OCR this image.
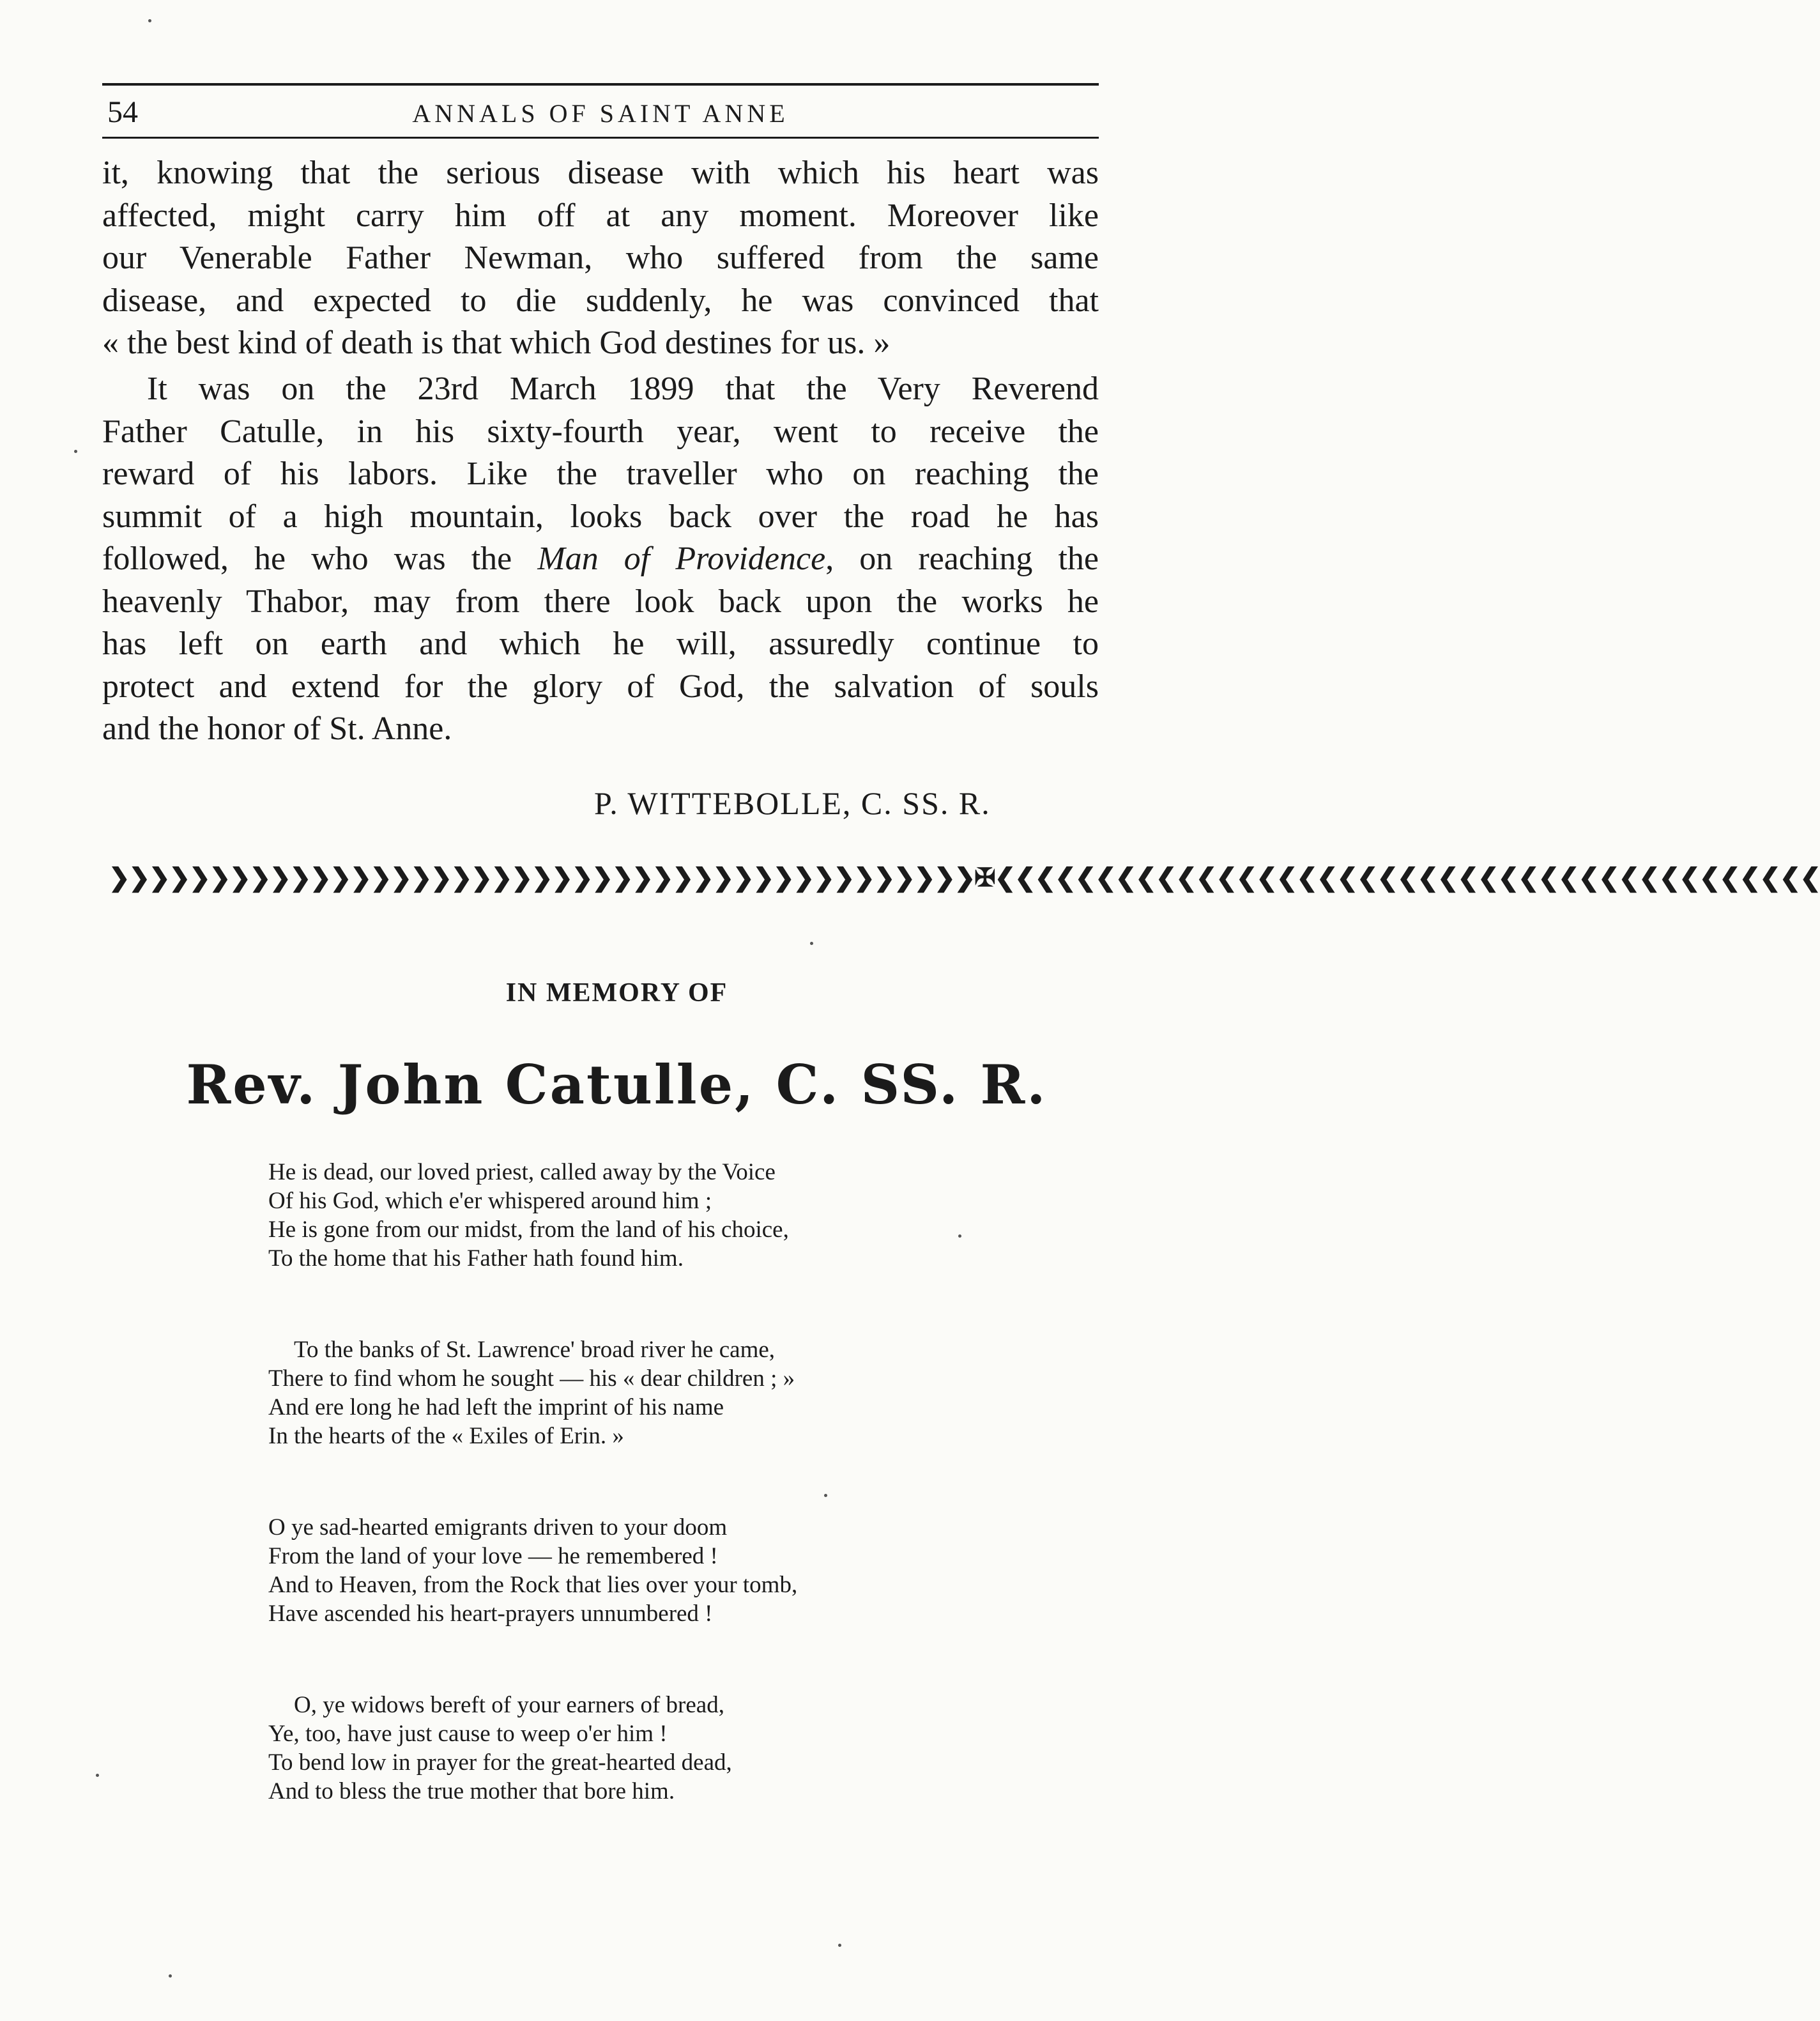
54	ANNALS OF SAINT ANNE
it, knowing that the serious disease with which his heart was
affected, might carry him off at any moment. Moreover like
our Venerable Father Newman, who suffered from the same
disease, and expected to die suddenly, he was convinced that
« the best kind of death is that which God destines for us. »
It was on the 23rd March 1899 that the Very Reverend
Father Catulle, in his sixty-fourth year, went to receive the
reward of his labors. Like the traveller who on reaching the
summit of a high mountain, looks back over the road he has
followed, he who was the Man of Providence, on reaching the
heavenly Thabor, may from there look back upon the works he
has left on earth and which he will, assuredly continue to
protect and extend for the glory of God, the salvation of souls
and the honor of St. Anne.
P. WITTEBOLLE, C. SS. R.
❯❯❯❯❯❯❯❯❯❯❯❯❯❯❯❯❯❯❯❯❯❯❯❯❯❯❯❯❯❯❯❯❯❯❯❯❯❯❯❯❯❯❯✠❮❮❮❮❮❮❮❮❮❮❮❮❮❮❮❮❮❮❮❮❮❮❮❮❮❮❮❮❮❮❮❮❮❮❮❮❮❮❮❮❮
IN MEMORY OF
Rev. John Catulle, C. SS. R.
He is dead, our loved priest, called away by the Voice
Of his God, which e'er whispered around him ;
He is gone from our midst, from the land of his choice,
To the home that his Father hath found him.
To the banks of St. Lawrence' broad river he came,
There to find whom he sought — his « dear children ; »
And ere long he had left the imprint of his name
In the hearts of the « Exiles of Erin. »
O ye sad-hearted emigrants driven to your doom
From the land of your love — he remembered !
And to Heaven, from the Rock that lies over your tomb,
Have ascended his heart-prayers unnumbered !
O, ye widows bereft of your earners of bread,
Ye, too, have just cause to weep o'er him !
To bend low in prayer for the great-hearted dead,
And to bless the true mother that bore him.
